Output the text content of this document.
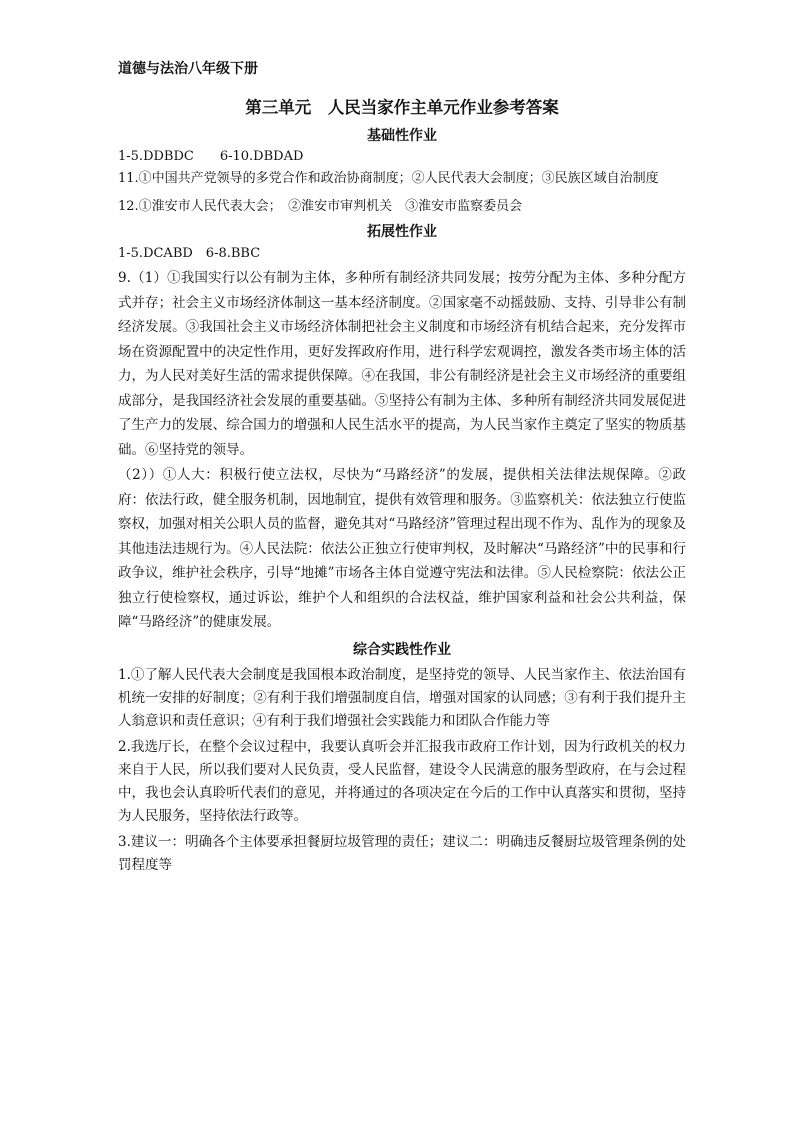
道德与法治八年级下册
第三单元　人民当家作主单元作业参考答案
基础性作业
1-5.DDBDC　　6-10.DBDAD
11.①中国共产党领导的多党合作和政治协商制度；②人民代表大会制度；③民族区域自治制度
12.①淮安市人民代表大会；　②淮安市审判机关　③淮安市监察委员会
拓展性作业
1-5.DCABD　6-8.BBC

9.（1）①我国实行以公有制为主体，多种所有制经济共同发展；按劳分配为主体、多种分配方式并存；社会主义市场经济体制这一基本经济制度。②国家毫不动摇鼓励、支持、引导非公有制经济发展。③我国社会主义市场经济体制把社会主义制度和市场经济有机结合起来，充分发挥市场在资源配置中的决定性作用，更好发挥政府作用，进行科学宏观调控，激发各类市场主体的活力，为人民对美好生活的需求提供保障。④在我国，非公有制经济是社会主义市场经济的重要组成部分，是我国经济社会发展的重要基础。⑤坚持公有制为主体、多种所有制经济共同发展促进了生产力的发展、综合国力的增强和人民生活水平的提高，为人民当家作主奠定了坚实的物质基础。⑥坚持党的领导。

（2））①人大：积极行使立法权，尽快为“马路经济”的发展，提供相关法律法规保障。②政府：依法行政，健全服务机制，因地制宜，提供有效管理和服务。③监察机关：依法独立行使监察权，加强对相关公职人员的监督，避免其对“马路经济”管理过程出现不作为、乱作为的现象及其他违法违规行为。④人民法院：依法公正独立行使审判权，及时解决“马路经济”中的民事和行政争议，维护社会秩序，引导“地摊”市场各主体自觉遵守宪法和法律。⑤人民检察院：依法公正独立行使检察权，通过诉讼，维护个人和组织的合法权益，维护国家利益和社会公共利益，保障“马路经济”的健康发展。

综合实践性作业

1.①了解人民代表大会制度是我国根本政治制度，是坚持党的领导、人民当家作主、依法治国有机统一安排的好制度；②有利于我们增强制度自信，增强对国家的认同感；③有利于我们提升主人翁意识和责任意识；④有利于我们增强社会实践能力和团队合作能力等

2.我选厅长，在整个会议过程中，我要认真听会并汇报我市政府工作计划，因为行政机关的权力来自于人民，所以我们要对人民负责，受人民监督，建设令人民满意的服务型政府，在与会过程中，我也会认真聆听代表们的意见，并将通过的各项决定在今后的工作中认真落实和贯彻，坚持为人民服务，坚持依法行政等。

3.建议一：明确各个主体要承担餐厨垃圾管理的责任；建议二：明确违反餐厨垃圾管理条例的处罚程度等
